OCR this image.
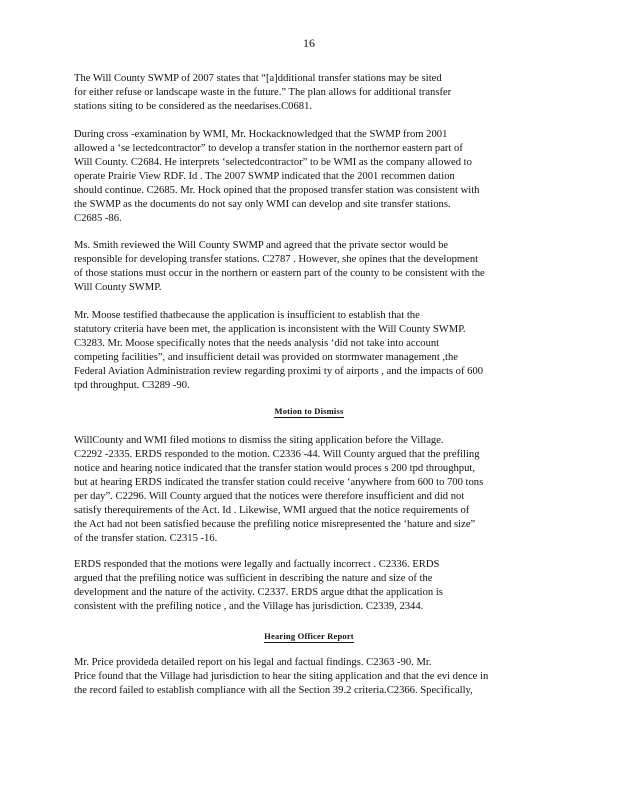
16
The Will County SWMP of 2007 states that “[a]dditional transfer stations may be sited
for either refuse or landscape waste in the future.” The plan allows for additional transfer
stations siting to be considered as the needarises.C0681.
During cross -examination by WMI, Mr. Hockacknowledged that the SWMP from 2001
allowed a ‘se lectedcontractor” to develop a transfer station in the northernor eastern part of
Will County. C2684. He interprets ‘selectedcontractor” to be WMI as the company allowed to
operate Prairie View RDF. Id . The 2007 SWMP indicated that the 2001 recommen dation
should continue. C2685. Mr. Hock opined that the proposed transfer station was consistent with
the SWMP as the documents do not say only WMI can develop and site transfer stations.
C2685 -86.
Ms. Smith reviewed the Will County SWMP and agreed that the private sector would be
responsible for developing transfer stations. C2787 . However, she opines that the development
of those stations must occur in the northern or eastern part of the county to be consistent with the
Will County SWMP.
Mr. Moose testified thatbecause the application is insufficient to establish that the
statutory criteria have been met, the application is inconsistent with the Will County SWMP.
C3283. Mr. Moose specifically notes that the needs analysis ‘did not take into account
competing facilities”, and insufficient detail was provided on stormwater management ,the
Federal Aviation Administration review regarding proximi ty of airports , and the impacts of 600
tpd throughput. C3289 -90.
Motion to Dismiss
WillCounty and WMI filed motions to dismiss the siting application before the Village.
C2292 -2335. ERDS responded to the motion. C2336 -44. Will County argued that the prefiling
notice and hearing notice indicated that the transfer station would proces s 200 tpd throughput,
but at hearing ERDS indicated the transfer station could receive ‘anywhere from 600 to 700 tons
per day”. C2296. Will County argued that the notices were therefore insufficient and did not
satisfy therequirements of the Act. Id . Likewise, WMI argued that the notice requirements of
the Act had not been satisfied because the prefiling notice misrepresented the ‘hature and size”
of the transfer station. C2315 -16.
ERDS responded that the motions were legally and factually incorrect . C2336. ERDS
argued that the prefiling notice was sufficient in describing the nature and size of the
development and the nature of the activity. C2337. ERDS argue dthat the application is
consistent with the prefiling notice , and the Village has jurisdiction. C2339, 2344.
Hearing Officer Report
Mr. Price provideda detailed report on his legal and factual findings. C2363 -90. Mr.
Price found that the Village had jurisdiction to hear the siting application and that the evi dence in
the record failed to establish compliance with all the Section 39.2 criteria.C2366. Specifically,
